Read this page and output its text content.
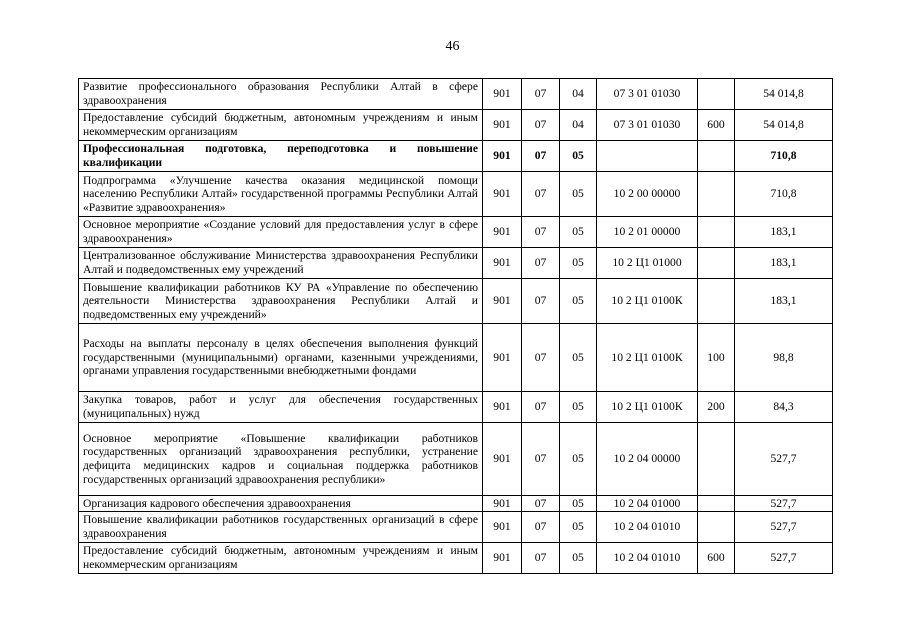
46
Развитие профессионального образования Республики Алтай в сфере здравоохранения	901	07	04	07 3 01 01030		54 014,8
Предоставление субсидий бюджетным, автономным учреждениям и иным некоммерческим организациям	901	07	04	07 3 01 01030	600	54 014,8
Профессиональная подготовка, переподготовка и повышение квалификации	901	07	05			710,8
Подпрограмма «Улучшение качества оказания медицинской помощи населению Республики Алтай» государственной программы Республики Алтай «Развитие здравоохранения»	901	07	05	10 2 00 00000		710,8
Основное мероприятие «Создание условий для предоставления услуг в сфере здравоохранения»	901	07	05	10 2 01 00000		183,1
Централизованное обслуживание Министерства здравоохранения Республики Алтай и подведомственных ему учреждений	901	07	05	10 2 Ц1 01000		183,1
Повышение квалификации работников КУ РА «Управление по обеспечению деятельности Министерства здравоохранения Республики Алтай и подведомственных ему учреждений»	901	07	05	10 2 Ц1 0100К		183,1
Расходы на выплаты персоналу в целях обеспечения выполнения функций государственными (муниципальными) органами, казенными учреждениями, органами управления государственными внебюджетными фондами	901	07	05	10 2 Ц1 0100К	100	98,8
Закупка товаров, работ и услуг для обеспечения государственных (муниципальных) нужд	901	07	05	10 2 Ц1 0100К	200	84,3
Основное мероприятие «Повышение квалификации работников государственных организаций здравоохранения республики, устранение дефицита медицинских кадров и социальная поддержка работников государственных организаций здравоохранения республики»	901	07	05	10 2 04 00000		527,7
Организация кадрового обеспечения здравоохранения	901	07	05	10 2 04 01000		527,7
Повышение квалификации работников государственных организаций в сфере здравоохранения	901	07	05	10 2 04 01010		527,7
Предоставление субсидий бюджетным, автономным учреждениям и иным некоммерческим организациям	901	07	05	10 2 04 01010	600	527,7
